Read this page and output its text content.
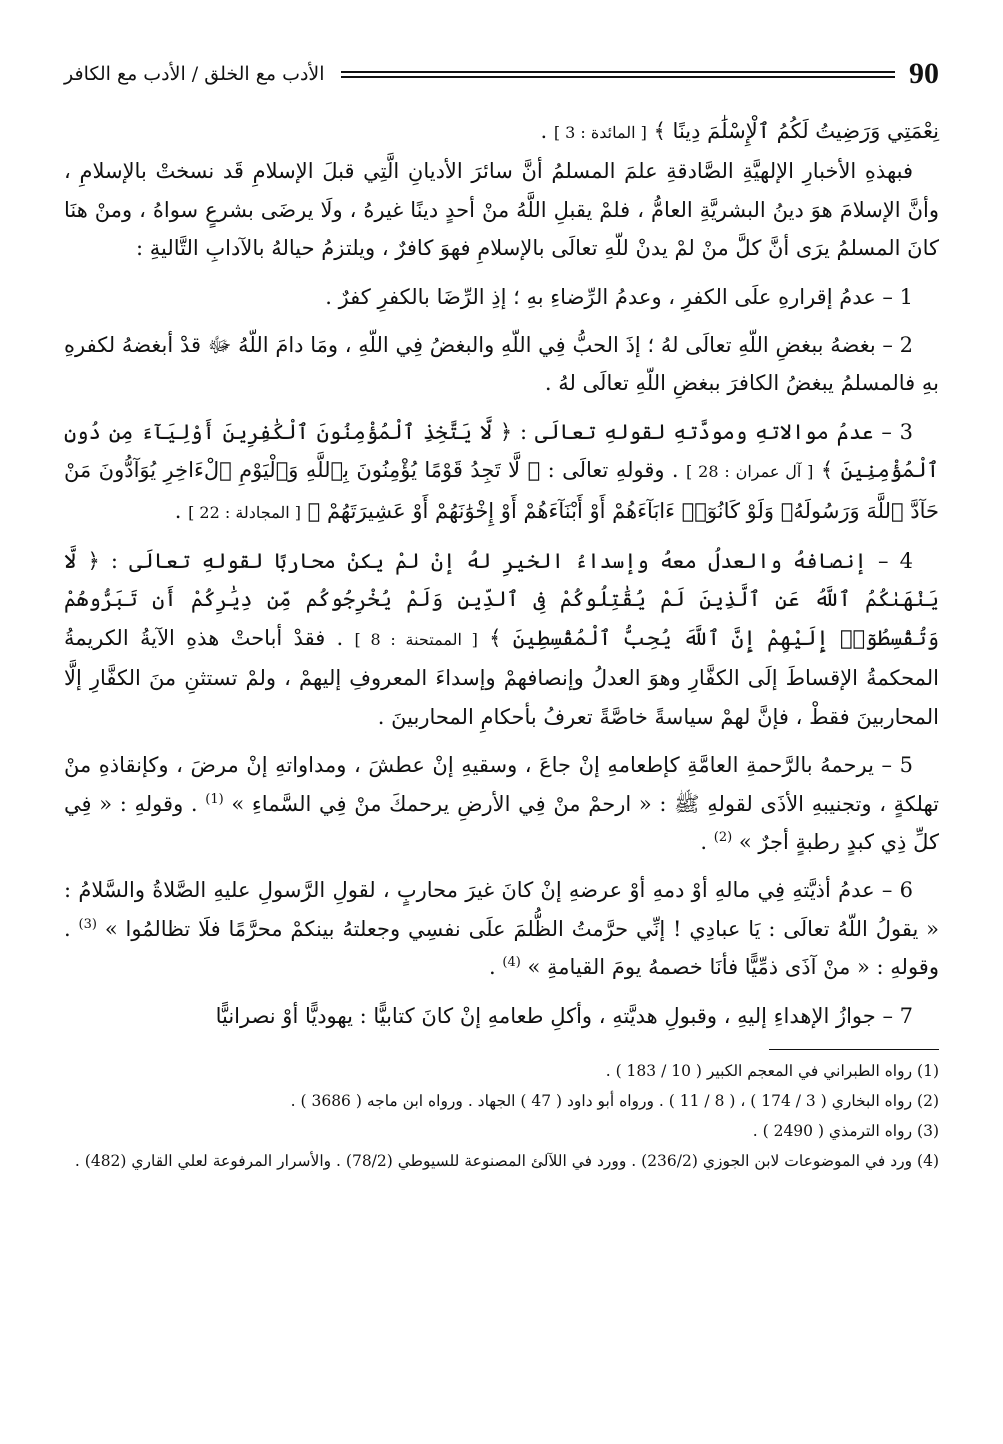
90
الأدب مع الخلق / الأدب مع الكافر

نِعْمَتِي وَرَضِيتُ لَكُمُ ٱلْإِسْلَٰمَ دِينًا ﴾ [ المائدة : 3 ] .

فبهذهِ الأخبارِ الإلهيَّةِ الصَّادقةِ علمَ المسلمُ أنَّ سائرَ الأديانِ الَّتِي قبلَ الإسلامِ قَد نسختْ بالإسلامِ ، وأنَّ الإسلامَ هوَ دينُ البشريَّةِ العامُّ ، فلمْ يقبلِ اللَّهُ منْ أحدٍ دينًا غيرهُ ، ولَا يرضَى بشرعٍ سواهُ ، ومنْ هنَا كانَ المسلمُ يرَى أنَّ كلَّ منْ لمْ يدنْ للّهِ تعالَى بالإسلامِ فهوَ كافرٌ ، ويلتزمُ حيالهُ بالآدابِ التَّاليةِ :

1 – عدمُ إقرارهِ علَى الكفرِ ، وعدمُ الرِّضاءِ بهِ ؛ إذِ الرِّضَا بالكفرِ كفرٌ .

2 – بغضهُ ببغضِ اللّهِ تعالَى لهُ ؛ إذَ الحبُّ فِي اللّهِ والبغضُ فِي اللّهِ ، ومَا دامَ اللّهُ ﷻ قدْ أبغضهُ لكفرهِ بهِ فالمسلمُ يبغضُ الكافرَ ببغضِ اللّهِ تعالَى لهُ .

3 – عدمُ موالاتهِ ومودَّتهِ لقولهِ تعالَى : ﴿ لَّا يَتَّخِذِ ٱلْمُؤْمِنُونَ ٱلْكَٰفِرِينَ أَوْلِيَآءَ مِن دُونِ ٱلْمُؤْمِنِينَ ﴾ [ آل عمران : 28 ] . وقولهِ تعالَى : ﴿ لَّا تَجِدُ قَوْمًا يُؤْمِنُونَ بِٱللَّهِ وَٱلْيَوْمِ ٱلْءَاخِرِ يُوَآدُّونَ مَنْ حَآدَّ ٱللَّهَ وَرَسُولَهُۥ وَلَوْ كَانُوٓا۟ ءَابَآءَهُمْ أَوْ أَبْنَآءَهُمْ أَوْ إِخْوَٰنَهُمْ أَوْ عَشِيرَتَهُمْ ﴾ [ المجادلة : 22 ] .

4 – إنصافهُ والعدلُ معهُ وإسداءُ الخيرِ لهُ إنْ لمْ يكنْ محاربًا لقولهِ تعالَى : ﴿ لَّا يَنْهَىٰكُمُ ٱللَّهُ عَنِ ٱلَّذِينَ لَمْ يُقَٰتِلُوكُمْ فِى ٱلدِّينِ وَلَمْ يُخْرِجُوكُم مِّن دِيَٰرِكُمْ أَن تَبَرُّوهُمْ وَتُقْسِطُوٓا۟ إِلَيْهِمْ إِنَّ ٱللَّهَ يُحِبُّ ٱلْمُقْسِطِينَ ﴾ [ الممتحنة : 8 ] . فقدْ أباحتْ هذهِ الآيةُ الكريمةُ المحكمةُ الإقساطَ إلَى الكفَّارِ وهوَ العدلُ وإنصافهمْ وإسداءَ المعروفِ إليهمْ ، ولمْ تستثنِ منَ الكفَّارِ إلَّا المحاربينَ فقطْ ، فإنَّ لهمْ سياسةً خاصَّةً تعرفُ بأحكامِ المحاربينَ .

5 – يرحمهُ بالرَّحمةِ العامَّةِ كإطعامهِ إنْ جاعَ ، وسقيهِ إنْ عطشَ ، ومداواتهِ إنْ مرضَ ، وكإنقاذهِ منْ تهلكةٍ ، وتجنيبهِ الأذَى لقولهِ ﷺ : « ارحمْ منْ فِي الأرضِ يرحمكَ منْ فِي السَّماءِ » $^{(1)}$ . وقولهِ : « فِي كلِّ ذِي كبدٍ رطبةٍ أجرٌ » $^{(2)}$ .

6 – عدمُ أذيَّتهِ فِي مالهِ أوْ دمهِ أوْ عرضهِ إنْ كانَ غيرَ محاربٍ ، لقولِ الرَّسولِ عليهِ الصَّلاةُ والسَّلامُ : « يقولُ اللّهُ تعالَى : يَا عبادِي ! إنِّي حرَّمتُ الظُّلمَ علَى نفسِي وجعلتهُ بينكمْ محرَّمًا فلَا تظالمُوا » $^{(3)}$ . وقولهِ : « منْ آذَى ذمِّيًّا فأنَا خصمهُ يومَ القيامةِ » $^{(4)}$ .

7 – جوازُ الإهداءِ إليهِ ، وقبولِ هديَّتهِ ، وأكلِ طعامهِ إنْ كانَ كتابيًّا : يهوديًّا أوْ نصرانيًّا

(1) رواه الطبراني في المعجم الكبير ( 10 / 183 ) .

(2) رواه البخاري ( 3 / 174 ) ، ( 8 / 11 ) . ورواه أبو داود ( 47 ) الجهاد . ورواه ابن ماجه ( 3686 ) .

(3) رواه الترمذي ( 2490 ) .

(4) ورد في الموضوعات لابن الجوزي (236/2) . وورد في اللآلئ المصنوعة للسيوطي (78/2) . والأسرار المرفوعة لعلي القاري (482) .
